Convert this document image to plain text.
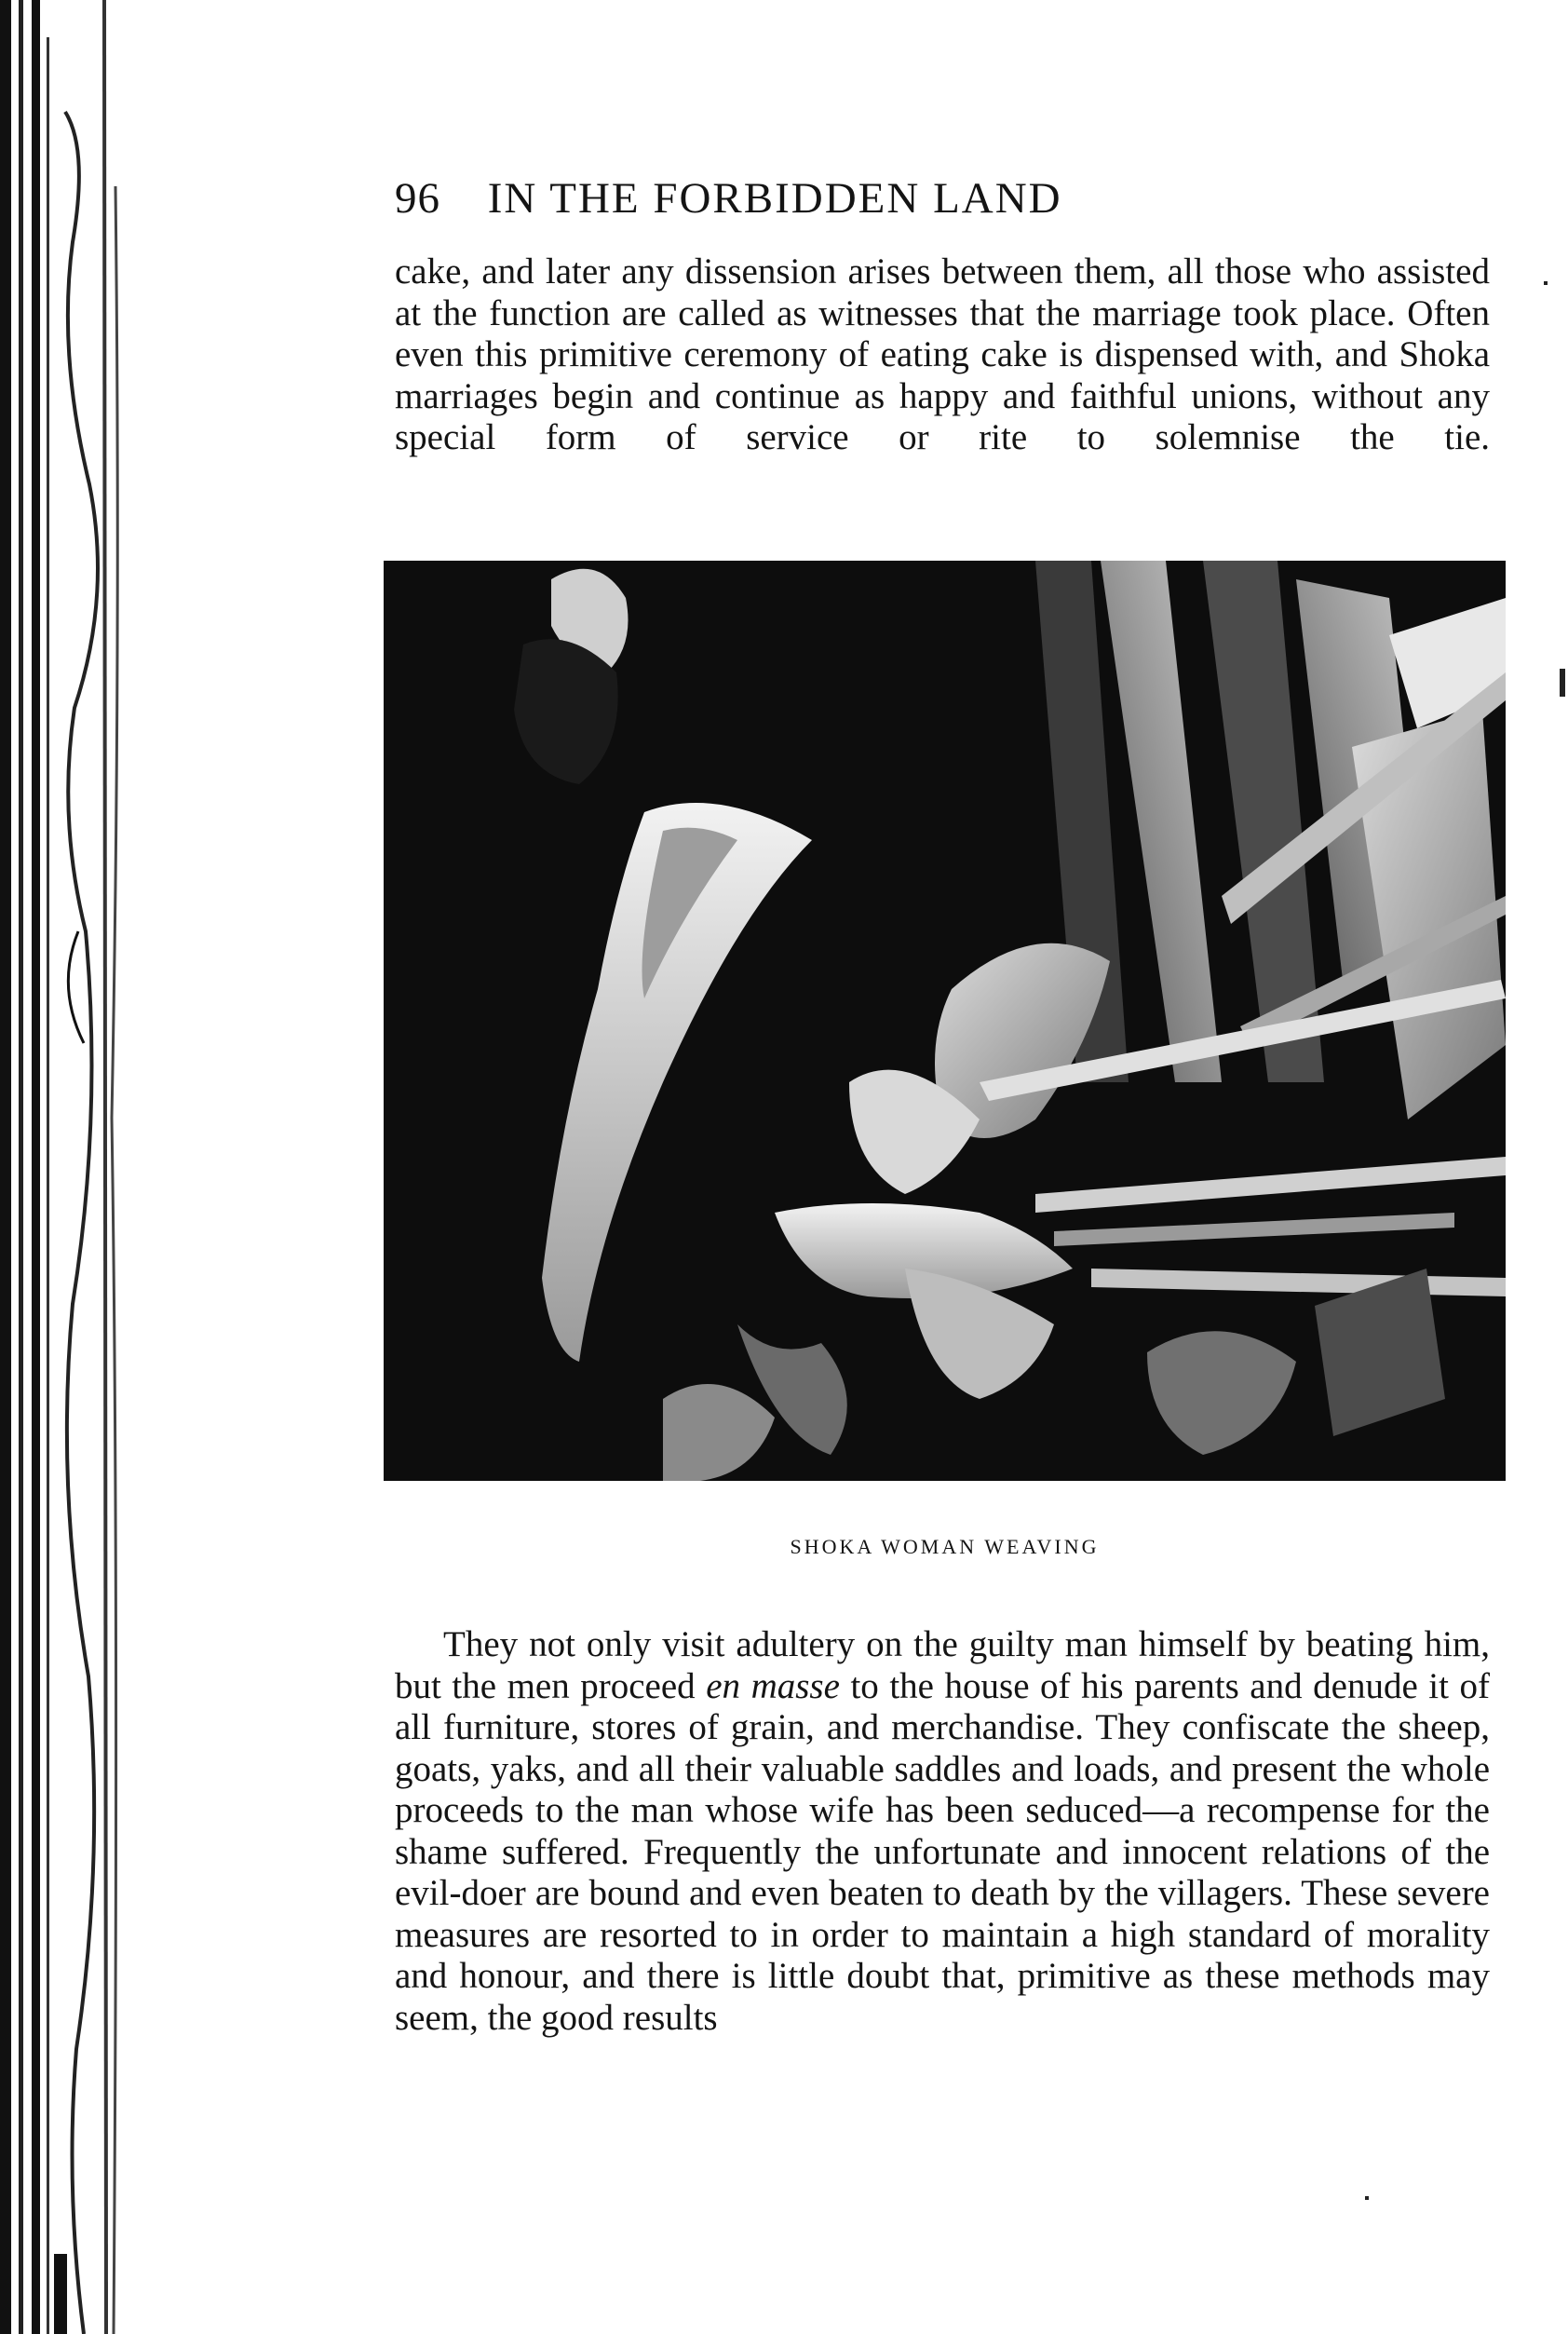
96 IN THE FORBIDDEN LAND

cake, and later any dissension arises between them, all those who assisted at the function are called as witnesses that the marriage took place. Often even this primitive ceremony of eating cake is dispensed with, and Shoka marriages begin and continue as happy and faithful unions, without any special form of service or rite to solemnise the tie.

SHOKA WOMAN WEAVING

They not only visit adultery on the guilty man himself by beating him, but the men proceed en masse to the house of his parents and denude it of all furniture, stores of grain, and merchandise. They confiscate the sheep, goats, yaks, and all their valuable saddles and loads, and present the whole proceeds to the man whose wife has been seduced—a recompense for the shame suffered. Frequently the unfortunate and innocent relations of the evil-doer are bound and even beaten to death by the villagers. These severe measures are resorted to in order to maintain a high standard of morality and honour, and there is little doubt that, primitive as these methods may seem, the good results
